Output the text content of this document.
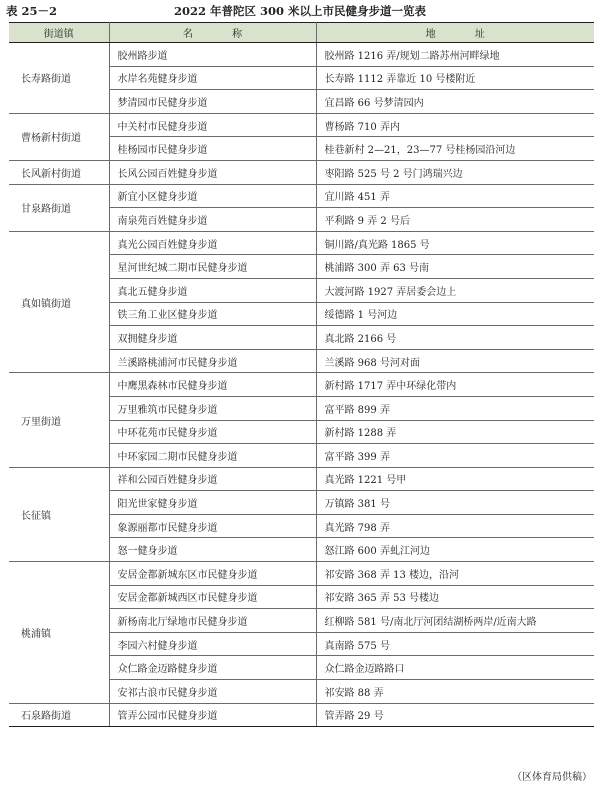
表 25－2	2022 年普陀区 300 米以上市民健身步道一览表
街道镇	名 称	地 址
长寿路街道	胶州路步道	胶州路 1216 弄/规划二路苏州河畔绿地
	水岸名苑健身步道	长寿路 1112 弄靠近 10 号楼附近
	梦清园市民健身步道	宜昌路 66 号梦清园内
曹杨新村街道	中关村市民健身步道	曹杨路 710 弄内
	桂杨园市民健身步道	桂巷新村 2—21，23—77 号桂杨园沿河边
长风新村街道	长风公园百姓健身步道	枣阳路 525 号 2 号门鸿瑞兴边
甘泉路街道	新宜小区健身步道	宜川路 451 弄
	南泉苑百姓健身步道	平利路 9 弄 2 号后
真如镇街道	真光公园百姓健身步道	铜川路/真光路 1865 号
	星河世纪城二期市民健身步道	桃浦路 300 弄 63 号南
	真北五健身步道	大渡河路 1927 弄居委会边上
	铁三角工业区健身步道	绥德路 1 号河边
	双拥健身步道	真北路 2166 号
	兰溪路桃浦河市民健身步道	兰溪路 968 号河对面
万里街道	中鹰黑森林市民健身步道	新村路 1717 弄中环绿化带内
	万里雅筑市民健身步道	富平路 899 弄
	中环花苑市民健身步道	新村路 1288 弄
	中环家园二期市民健身步道	富平路 399 弄
长征镇	祥和公园百姓健身步道	真光路 1221 号甲
	阳光世家健身步道	万镇路 381 号
	象源丽都市民健身步道	真光路 798 弄
	怒一健身步道	怒江路 600 弄虬江河边
桃浦镇	安居金都新城东区市民健身步道	祁安路 368 弄 13 楼边，沿河
	安居金都新城西区市民健身步道	祁安路 365 弄 53 号楼边
	新杨南北厅绿地市民健身步道	红柳路 581 号/南北厅河团结湖桥两岸/近南大路
	李园六村健身步道	真南路 575 号
	众仁路金迈路健身步道	众仁路金迈路路口
	安祁古浪市民健身步道	祁安路 88 弄
石泉路街道	管弄公园市民健身步道	管弄路 29 号
（区体育局供稿）
